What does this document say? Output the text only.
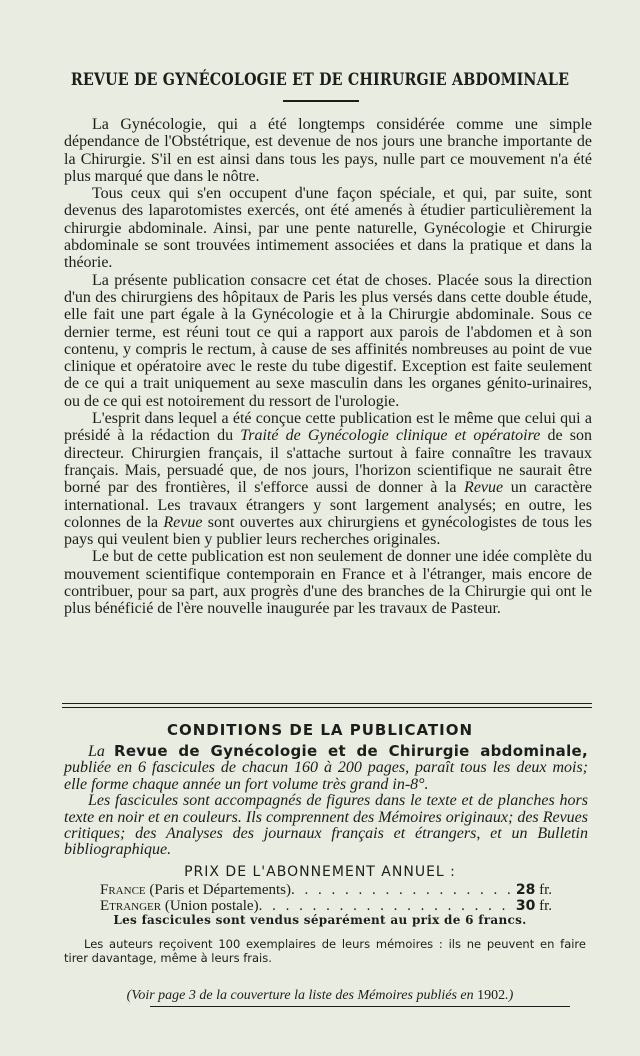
REVUE DE GYNÉCOLOGIE ET DE CHIRURGIE ABDOMINALE

La Gynécologie, qui a été longtemps considérée comme une simple dépendance de l'Obstétrique, est devenue de nos jours une branche importante de la Chirurgie. S'il en est ainsi dans tous les pays, nulle part ce mouvement n'a été plus marqué que dans le nôtre.

Tous ceux qui s'en occupent d'une façon spéciale, et qui, par suite, sont devenus des laparotomistes exercés, ont été amenés à étudier particulièrement la chirurgie abdominale. Ainsi, par une pente naturelle, Gynécologie et Chirurgie abdominale se sont trouvées intimement associées et dans la pratique et dans la théorie.

La présente publication consacre cet état de choses. Placée sous la direction d'un des chirurgiens des hôpitaux de Paris les plus versés dans cette double étude, elle fait une part égale à la Gynécologie et à la Chirurgie abdominale. Sous ce dernier terme, est réuni tout ce qui a rapport aux parois de l'abdomen et à son contenu, y compris le rectum, à cause de ses affinités nombreuses au point de vue clinique et opératoire avec le reste du tube digestif. Exception est faite seulement de ce qui a trait uniquement au sexe masculin dans les organes génito-urinaires, ou de ce qui est notoirement du ressort de l'urologie.

L'esprit dans lequel a été conçue cette publication est le même que celui qui a présidé à la rédaction du Traité de Gynécologie clinique et opératoire de son directeur. Chirurgien français, il s'attache surtout à faire connaître les travaux français. Mais, persuadé que, de nos jours, l'horizon scientifique ne saurait être borné par des frontières, il s'efforce aussi de donner à la Revue un caractère international. Les travaux étrangers y sont largement analysés; en outre, les colonnes de la Revue sont ouvertes aux chirurgiens et gynécologistes de tous les pays qui veulent bien y publier leurs recherches originales.

Le but de cette publication est non seulement de donner une idée complète du mouvement scientifique contemporain en France et à l'étranger, mais encore de contribuer, pour sa part, aux progrès d'une des branches de la Chirurgie qui ont le plus bénéficié de l'ère nouvelle inaugurée par les travaux de Pasteur.

CONDITIONS DE LA PUBLICATION

La Revue de Gynécologie et de Chirurgie abdominale, publiée en 6 fascicules de chacun 160 à 200 pages, paraît tous les deux mois; elle forme chaque année un fort volume très grand in-8°.

Les fascicules sont accompagnés de figures dans le texte et de planches hors texte en noir et en couleurs. Ils comprennent des Mémoires originaux; des Revues critiques; des Analyses des journaux français et étrangers, et un Bulletin bibliographique.

PRIX DE L'ABONNEMENT ANNUEL :
France (Paris et Départements) . . .	28 fr.
Etranger (Union postale) . . .	30 fr.
Les fascicules sont vendus séparément au prix de 6 francs.

Les auteurs reçoivent 100 exemplaires de leurs mémoires : ils ne peuvent en faire tirer davantage, même à leurs frais.

(Voir page 3 de la couverture la liste des Mémoires publiés en 1902.)
